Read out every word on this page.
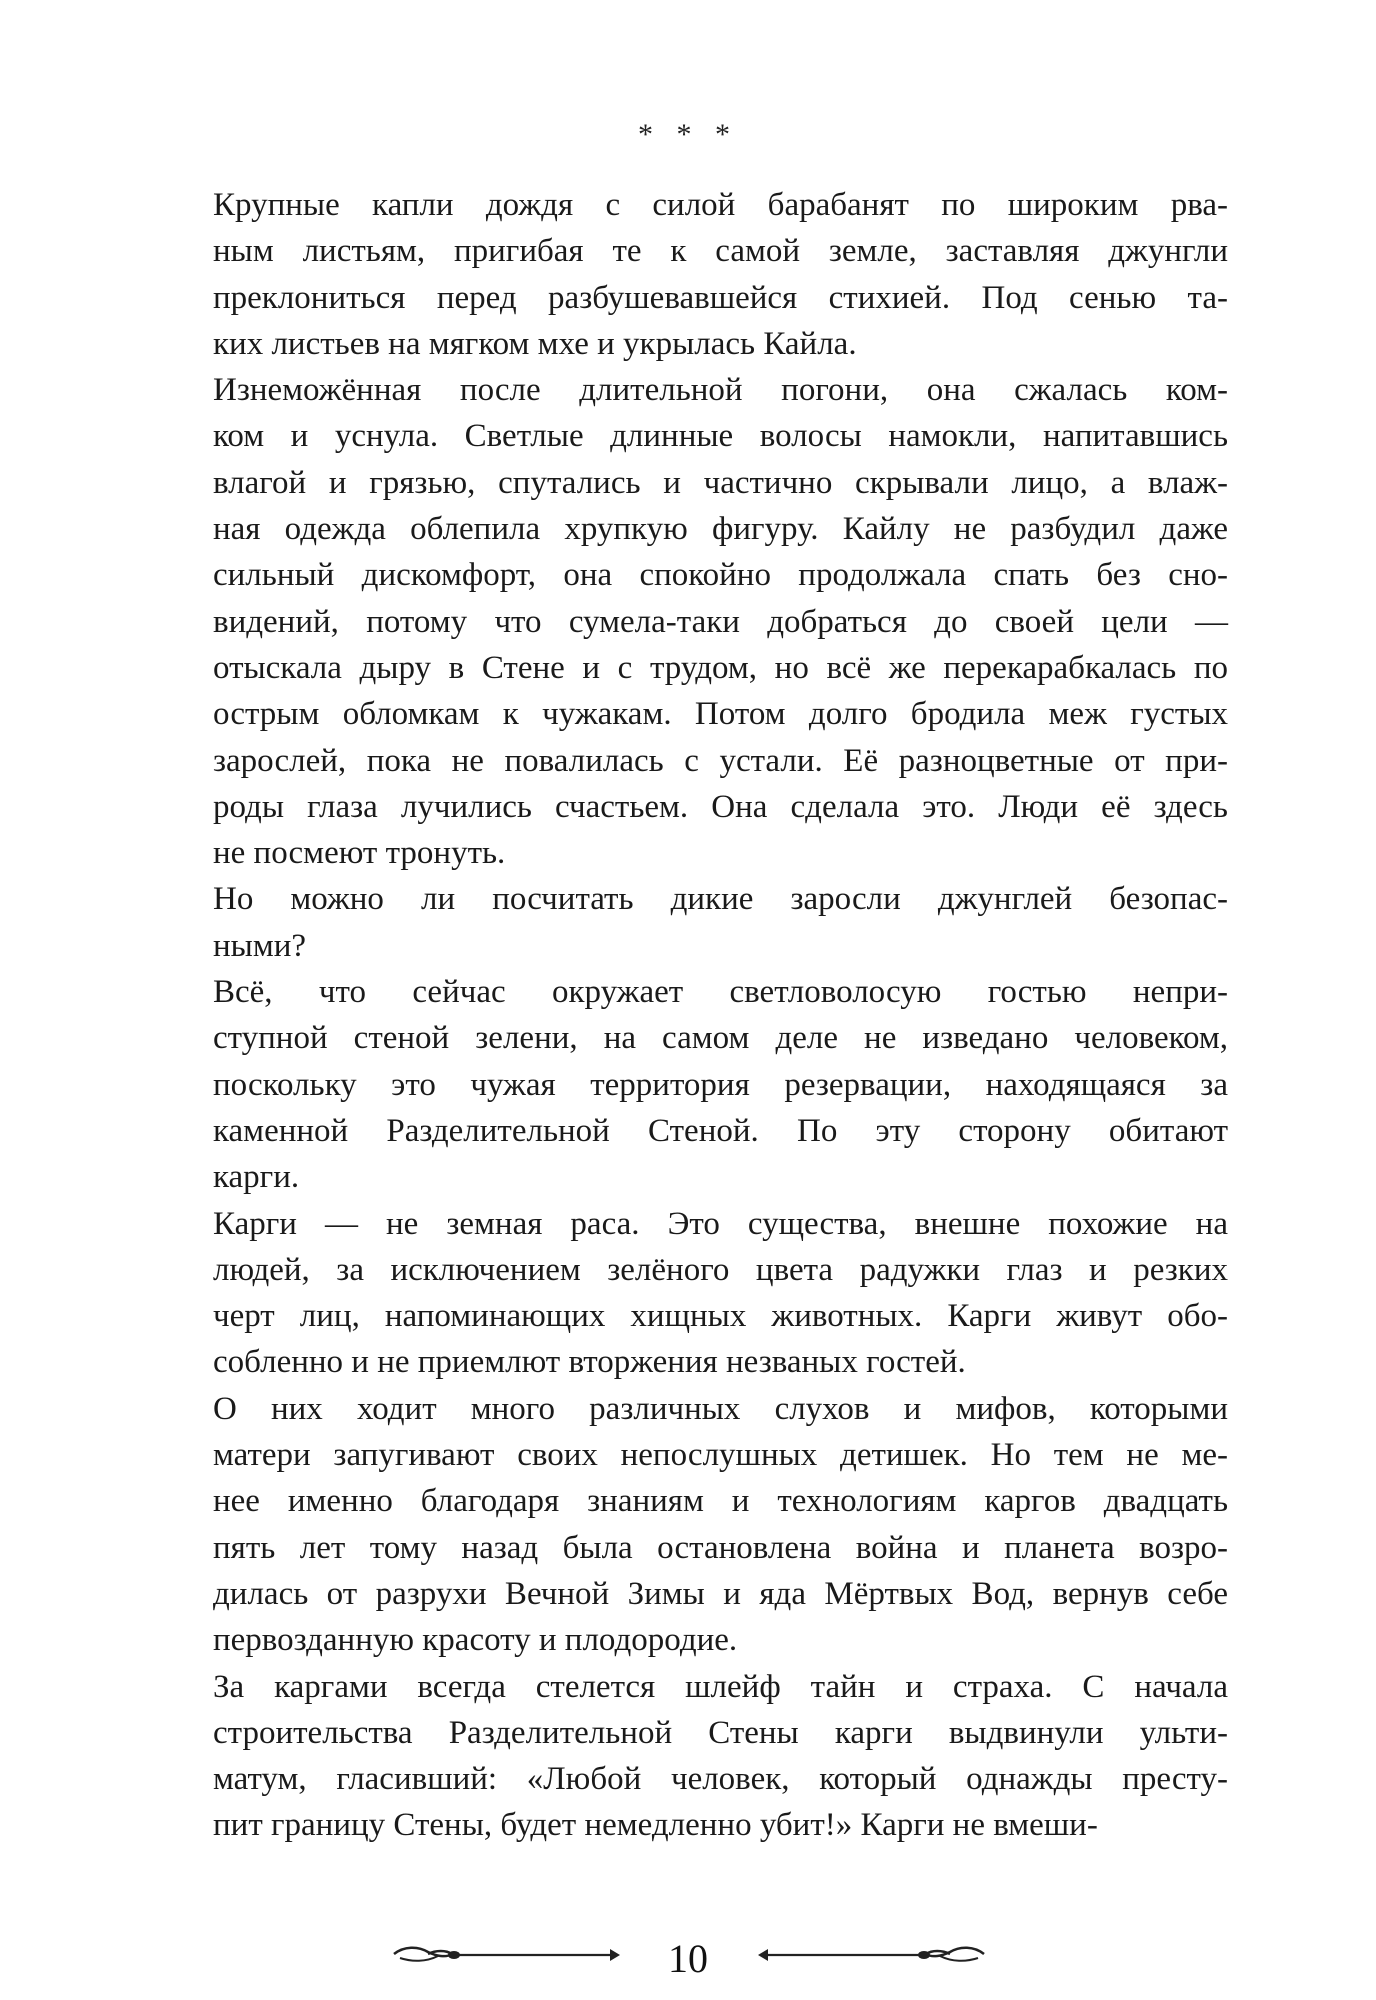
* * *
Крупные капли дождя с силой барабанят по широким рва-
ным листьям, пригибая те к самой земле, заставляя джунгли
преклониться перед разбушевавшейся стихией. Под сенью та-
ких листьев на мягком мхе и укрылась Кайла.
Изнеможённая после длительной погони, она сжалась ком-
ком и уснула. Светлые длинные волосы намокли, напитавшись
влагой и грязью, спутались и частично скрывали лицо, а влаж-
ная одежда облепила хрупкую фигуру. Кайлу не разбудил даже
сильный дискомфорт, она спокойно продолжала спать без сно-
видений, потому что сумела-таки добраться до своей цели —
отыскала дыру в Стене и с трудом, но всё же перекарабкалась по
острым обломкам к чужакам. Потом долго бродила меж густых
зарослей, пока не повалилась с устали. Её разноцветные от при-
роды глаза лучились счастьем. Она сделала это. Люди её здесь
не посмеют тронуть.
Но можно ли посчитать дикие заросли джунглей безопас-
ными?
Всё, что сейчас окружает светловолосую гостью непри-
ступной стеной зелени, на самом деле не изведано человеком,
поскольку это чужая территория резервации, находящаяся за
каменной Разделительной Стеной. По эту сторону обитают
карги.
Карги — не земная раса. Это существа, внешне похожие на
людей, за исключением зелёного цвета радужки глаз и резких
черт лиц, напоминающих хищных животных. Карги живут обо-
собленно и не приемлют вторжения незваных гостей.
О них ходит много различных слухов и мифов, которыми
матери запугивают своих непослушных детишек. Но тем не ме-
нее именно благодаря знаниям и технологиям каргов двадцать
пять лет тому назад была остановлена война и планета возро-
дилась от разрухи Вечной Зимы и яда Мёртвых Вод, вернув себе
первозданную красоту и плодородие.
За каргами всегда стелется шлейф тайн и страха. С начала
строительства Разделительной Стены карги выдвинули ульти-
матум, гласивший: «Любой человек, который однажды престу-
пит границу Стены, будет немедленно убит!» Карги не вмеши-
10
